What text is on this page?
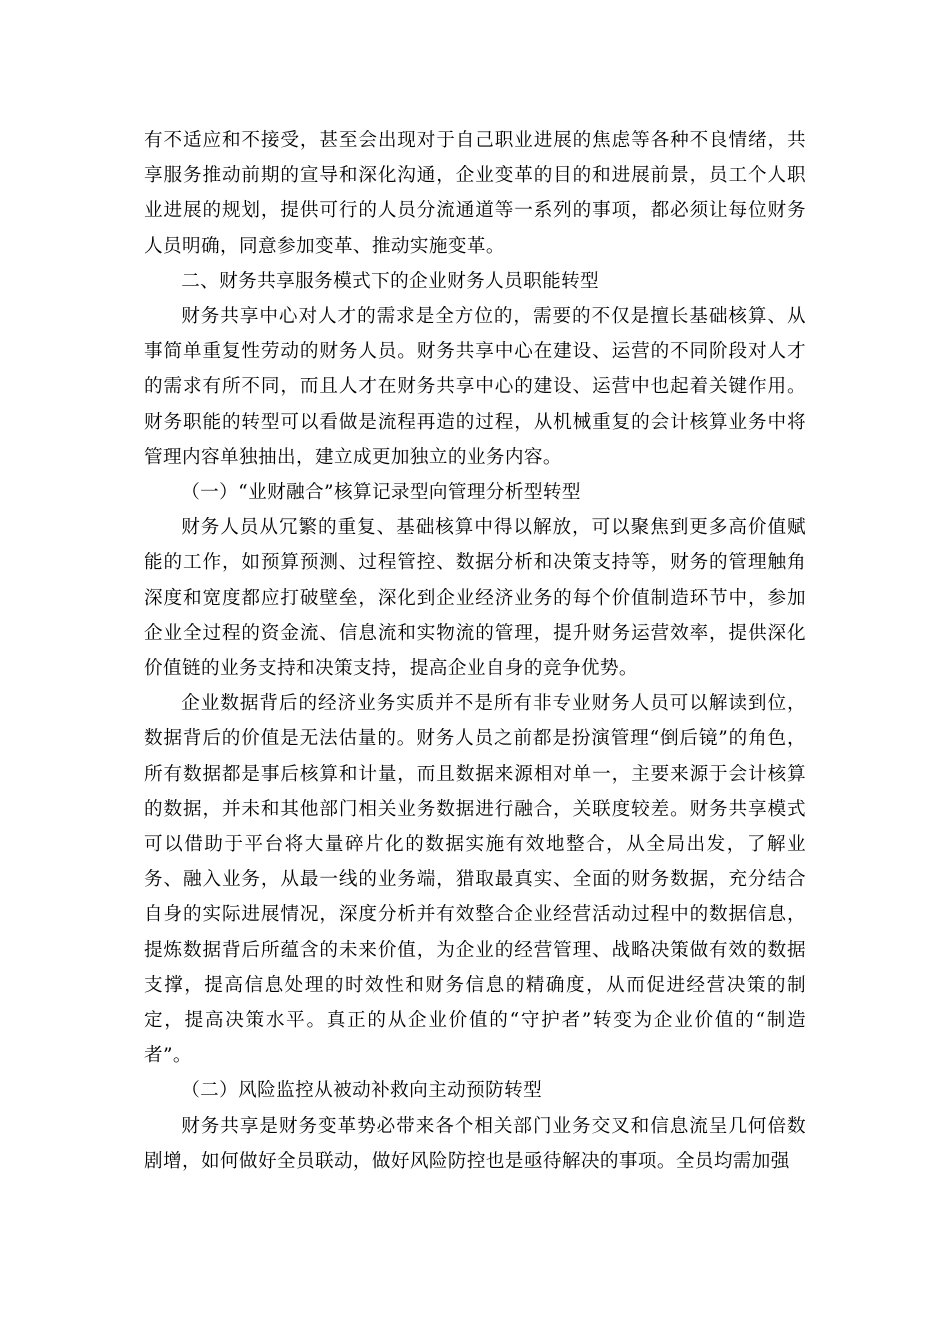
有不适应和不接受，甚至会出现对于自己职业进展的焦虑等各种不良情绪，共享服务推动前期的宣导和深化沟通，企业变革的目的和进展前景，员工个人职业进展的规划，提供可行的人员分流通道等一系列的事项，都必须让每位财务人员明确，同意参加变革、推动实施变革。

二、财务共享服务模式下的企业财务人员职能转型

财务共享中心对人才的需求是全方位的，需要的不仅是擅长基础核算、从事简单重复性劳动的财务人员。财务共享中心在建设、运营的不同阶段对人才的需求有所不同，而且人才在财务共享中心的建设、运营中也起着关键作用。财务职能的转型可以看做是流程再造的过程，从机械重复的会计核算业务中将管理内容单独抽出，建立成更加独立的业务内容。

（一）“业财融合”核算记录型向管理分析型转型

财务人员从冗繁的重复、基础核算中得以解放，可以聚焦到更多高价值赋能的工作，如预算预测、过程管控、数据分析和决策支持等，财务的管理触角深度和宽度都应打破壁垒，深化到企业经济业务的每个价值制造环节中，参加企业全过程的资金流、信息流和实物流的管理，提升财务运营效率，提供深化价值链的业务支持和决策支持，提高企业自身的竞争优势。

企业数据背后的经济业务实质并不是所有非专业财务人员可以解读到位，数据背后的价值是无法估量的。财务人员之前都是扮演管理“倒后镜”的角色，所有数据都是事后核算和计量，而且数据来源相对单一，主要来源于会计核算的数据，并未和其他部门相关业务数据进行融合，关联度较差。财务共享模式可以借助于平台将大量碎片化的数据实施有效地整合，从全局出发，了解业务、融入业务，从最一线的业务端，猎取最真实、全面的财务数据，充分结合自身的实际进展情况，深度分析并有效整合企业经营活动过程中的数据信息，提炼数据背后所蕴含的未来价值，为企业的经营管理、战略决策做有效的数据支撑，提高信息处理的时效性和财务信息的精确度，从而促进经营决策的制定，提高决策水平。真正的从企业价值的“守护者”转变为企业价值的“制造者”。

（二）风险监控从被动补救向主动预防转型

财务共享是财务变革势必带来各个相关部门业务交叉和信息流呈几何倍数剧增，如何做好全员联动，做好风险防控也是亟待解决的事项。全员均需加强
